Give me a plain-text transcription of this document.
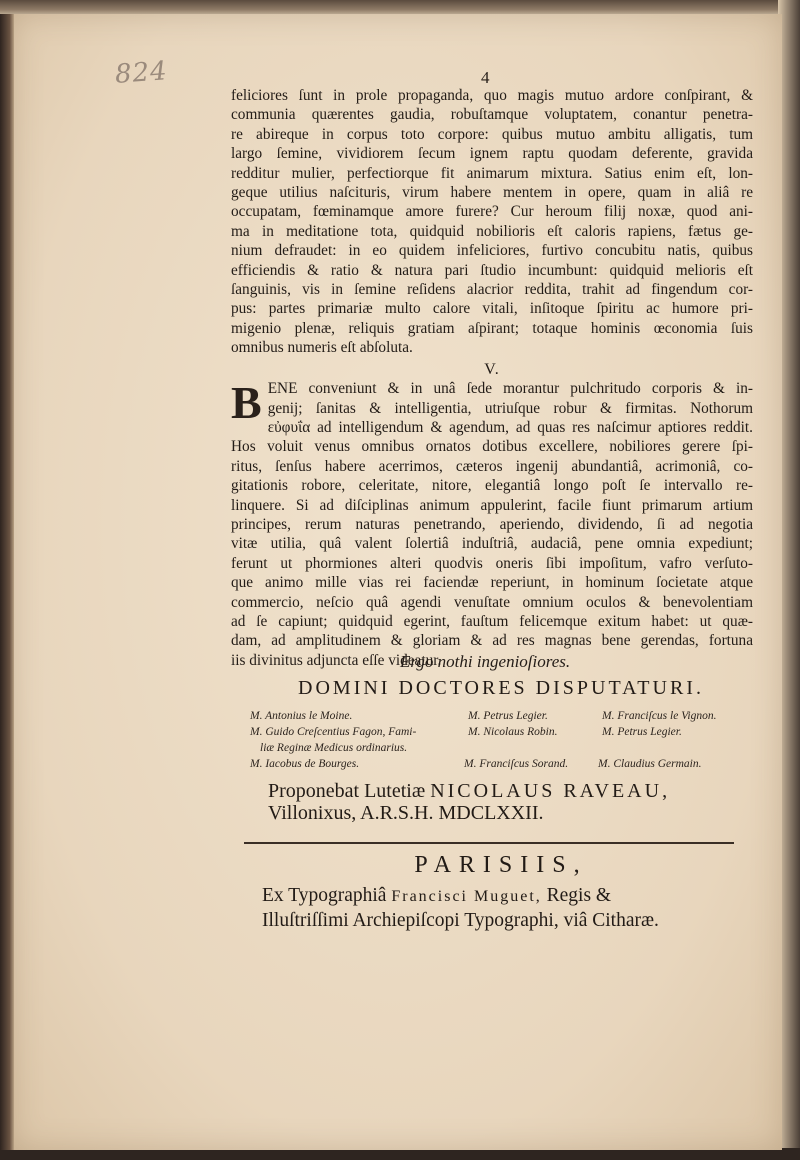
824	4

feliciores ſunt in prole propaganda, quo magis mutuo ardore conſpirant, &
communia quærentes gaudia, robuſtamque voluptatem, conantur penetra-
re abireque in corpus toto corpore: quibus mutuo ambitu alligatis, tum
largo ſemine, vividiorem ſecum ignem raptu quodam deferente, gravida
redditur mulier, perfectiorque fit animarum mixtura. Satius enim eſt, lon-
geque utilius naſcituris, virum habere mentem in opere, quam in aliâ re
occupatam, fœminamque amore furere? Cur heroum filij noxæ, quod ani-
ma in meditatione tota, quidquid nobilioris eſt caloris rapiens, fætus ge-
nium defraudet: in eo quidem infeliciores, furtivo concubitu natis, quibus
efficiendis & ratio & natura pari ſtudio incumbunt: quidquid melioris eſt
ſanguinis, vis in ſemine reſidens alacrior reddita, trahit ad fingendum cor-
pus: partes primariæ multo calore vitali, inſitoque ſpiritu ac humore pri-
migenio plenæ, reliquis gratiam aſpirant; totaque hominis œconomia ſuis
omnibus numeris eſt abſoluta.

V.

B ENE conveniunt & in unâ ſede morantur pulchritudo corporis & in-
genij; ſanitas & intelligentia, utriuſque robur & firmitas. Nothorum
εὐφυΐα ad intelligendum & agendum, ad quas res naſcimur aptiores reddit.
Hos voluit venus omnibus ornatos dotibus excellere, nobiliores gerere ſpi-
ritus, ſenſus habere acerrimos, cæteros ingenij abundantiâ, acrimoniâ, co-
gitationis robore, celeritate, nitore, elegantiâ longo poſt ſe intervallo re-
linquere. Si ad diſciplinas animum appulerint, facile fiunt primarum artium
principes, rerum naturas penetrando, aperiendo, dividendo, ſi ad negotia
vitæ utilia, quâ valent ſolertiâ induſtriâ, audaciâ, pene omnia expediunt;
ferunt ut phormiones alteri quodvis oneris ſibi impoſitum, vafro verſuto-
que animo mille vias rei faciendæ reperiunt, in hominum ſocietate atque
commercio, neſcio quâ agendi venuſtate omnium oculos & benevolentiam
ad ſe capiunt; quidquid egerint, fauſtum felicemque exitum habet: ut quæ-
dam, ad amplitudinem & gloriam & ad res magnas bene gerendas, fortuna
iis divinitus adjuncta eſſe videatur.

Ergo nothi ingenioſiores.
DOMINI DOCTORES DISPUTATURI.
M. Antonius le Moine.	M. Petrus Legier.	M. Franciſcus le Vignon.
M. Guido Creſcentius Fagon, Fami-	M. Nicolaus Robin.	M. Petrus Legier.
liæ Reginæ Medicus ordinarius.
M. Iacobus de Bourges.	M. Franciſcus Sorand.	M. Claudius Germain.
Proponebat Lutetiæ NICOLAUS RAVEAU,
Villonixus, A.R.S.H. MDCLXXII.
PARISIIS,
Ex Typographiâ Francisci Muguet, Regis &
Illuſtriſſimi Archiepiſcopi Typographi, viâ Citharæ.
